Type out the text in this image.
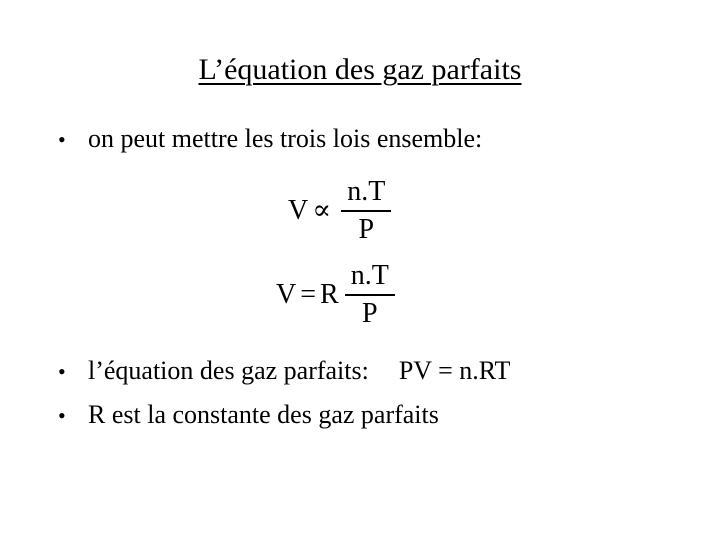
L’équation des gaz parfaits
• on peut mettre les trois lois ensemble:
$V \propto \frac{n.T}{P}$
V = R $\frac{n.T}{P}$
• l’équation des gaz parfaits: PV = n.RT
• R est la constante des gaz parfaits
